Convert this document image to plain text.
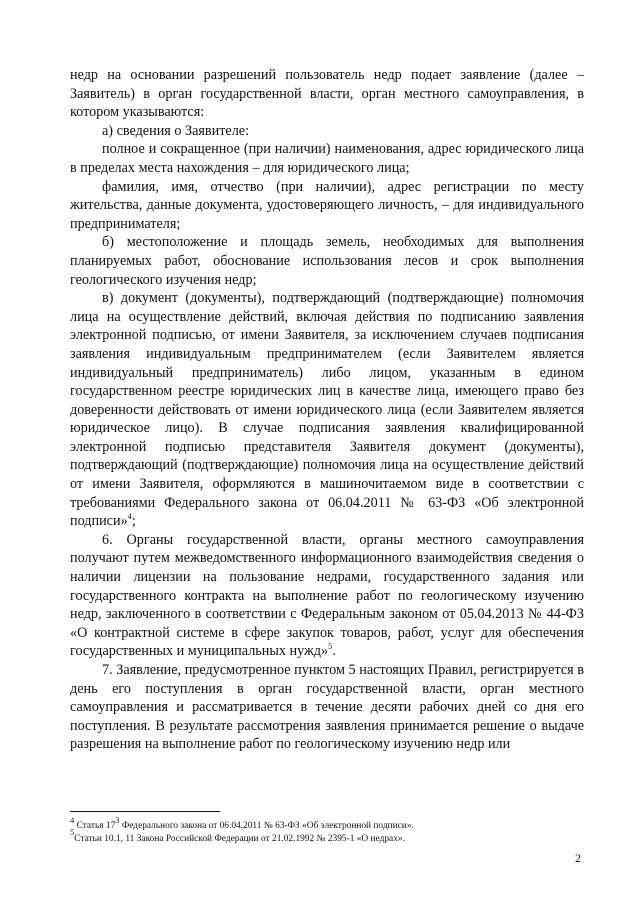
недр на основании разрешений пользователь недр подает заявление (далее – Заявитель) в орган государственной власти, орган местного самоуправления, в котором указываются:

а) сведения о Заявителе:

полное и сокращенное (при наличии) наименования, адрес юридического лица в пределах места нахождения – для юридического лица;

фамилия, имя, отчество (при наличии), адрес регистрации по месту жительства, данные документа, удостоверяющего личность, – для индивидуального предпринимателя;

б) местоположение и площадь земель, необходимых для выполнения планируемых работ, обоснование использования лесов и срок выполнения геологического изучения недр;

в) документ (документы), подтверждающий (подтверждающие) полномочия лица на осуществление действий, включая действия по подписанию заявления электронной подписью, от имени Заявителя, за исключением случаев подписания заявления индивидуальным предпринимателем (если Заявителем является индивидуальный предприниматель) либо лицом, указанным в едином государственном реестре юридических лиц в качестве лица, имеющего право без доверенности действовать от имени юридического лица (если Заявителем является юридическое лицо). В случае подписания заявления квалифицированной электронной подписью представителя Заявителя документ (документы), подтверждающий (подтверждающие) полномочия лица на осуществление действий от имени Заявителя, оформляются в машиночитаемом виде в соответствии с требованиями Федерального закона от 06.04.2011 № 63-ФЗ «Об электронной подписи»$^4$;

6. Органы государственной власти, органы местного самоуправления получают путем межведомственного информационного взаимодействия сведения о наличии лицензии на пользование недрами, государственного задания или государственного контракта на выполнение работ по геологическому изучению недр, заключенного в соответствии с Федеральным законом от 05.04.2013 № 44-ФЗ «О контрактной системе в сфере закупок товаров, работ, услуг для обеспечения государственных и муниципальных нужд»$^5$.

7. Заявление, предусмотренное пунктом 5 настоящих Правил, регистрируется в день его поступления в орган государственной власти, орган местного самоуправления и рассматривается в течение десяти рабочих дней со дня его поступления. В результате рассмотрения заявления принимается решение о выдаче разрешения на выполнение работ по геологическому изучению недр или

$^4$ Статья $17^3$ Федерального закона от 06.04.2011 № 63-ФЗ «Об электронной подписи».
$^5$Статьи 10.1, 11 Закона Российской Федерации от 21.02.1992 № 2395-1 «О недрах».
2
